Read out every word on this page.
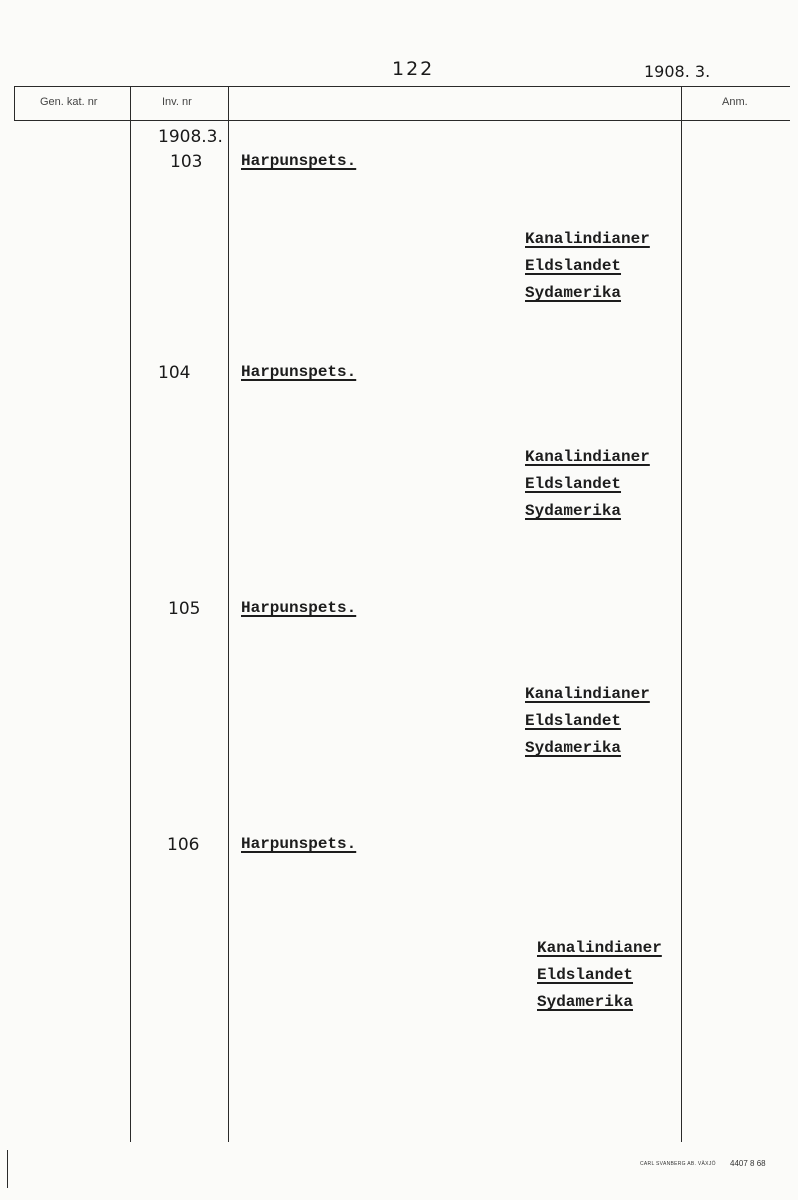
122	1908. 3.
Gen. kat. nr	Inv. nr	Anm.
1908.3.
103 Harpunspets.
Kanalindianer
Eldslandet
Sydamerika
104	Harpunspets.
Kanalindianer
Eldslandet
Sydamerika
105	Harpunspets.
Kanalindianer
Eldslandet
Sydamerika
106	Harpunspets.
Kanalindianer
Eldslandet
Sydamerika
CARL SVANBERG AB. VÄXJÖ 4407 8 68
